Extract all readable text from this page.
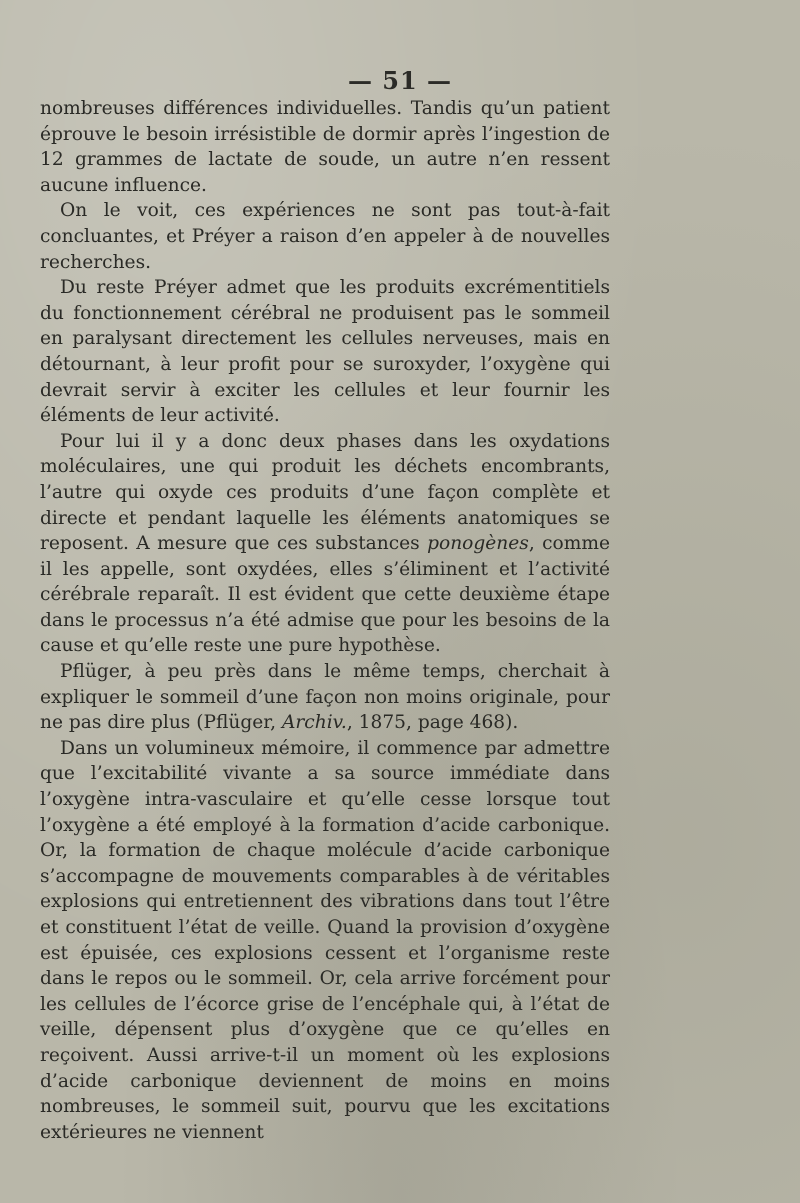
— 51 —

nombreuses différences individuelles. Tandis qu’un patient éprouve le besoin irrésistible de dormir après l’ingestion de 12 grammes de lactate de soude, un autre n’en ressent aucune influence.

On le voit, ces expériences ne sont pas tout-à-fait concluantes, et Préyer a raison d’en appeler à de nouvelles recherches.

Du reste Préyer admet que les produits excrémentitiels du fonctionnement cérébral ne produisent pas le sommeil en paralysant directement les cellules nerveuses, mais en détournant, à leur profit pour se suroxyder, l’oxygène qui devrait servir à exciter les cellules et leur fournir les éléments de leur activité.

Pour lui il y a donc deux phases dans les oxydations moléculaires, une qui produit les déchets encombrants, l’autre qui oxyde ces produits d’une façon complète et directe et pendant laquelle les éléments anatomiques se reposent. A mesure que ces substances ponogènes, comme il les appelle, sont oxydées, elles s’éliminent et l’activité cérébrale reparaît. Il est évident que cette deuxième étape dans le processus n’a été admise que pour les besoins de la cause et qu’elle reste une pure hypothèse.

Pflüger, à peu près dans le même temps, cherchait à expliquer le sommeil d’une façon non moins originale, pour ne pas dire plus (Pflüger, Archiv., 1875, page 468).

Dans un volumineux mémoire, il commence par admettre que l’excitabilité vivante a sa source immédiate dans l’oxygène intra-vasculaire et qu’elle cesse lorsque tout l’oxygène a été employé à la formation d’acide carbonique. Or, la formation de chaque molécule d’acide carbonique s’accompagne de mouvements comparables à de véritables explosions qui entretiennent des vibrations dans tout l’être et constituent l’état de veille. Quand la provision d’oxygène est épuisée, ces explosions cessent et l’organisme reste dans le repos ou le sommeil. Or, cela arrive forcément pour les cellules de l’écorce grise de l’encéphale qui, à l’état de veille, dépensent plus d’oxygène que ce qu’elles en reçoivent. Aussi arrive-t-il un moment où les explosions d’acide carbonique deviennent de moins en moins nombreuses, le sommeil suit, pourvu que les excitations extérieures ne viennent
